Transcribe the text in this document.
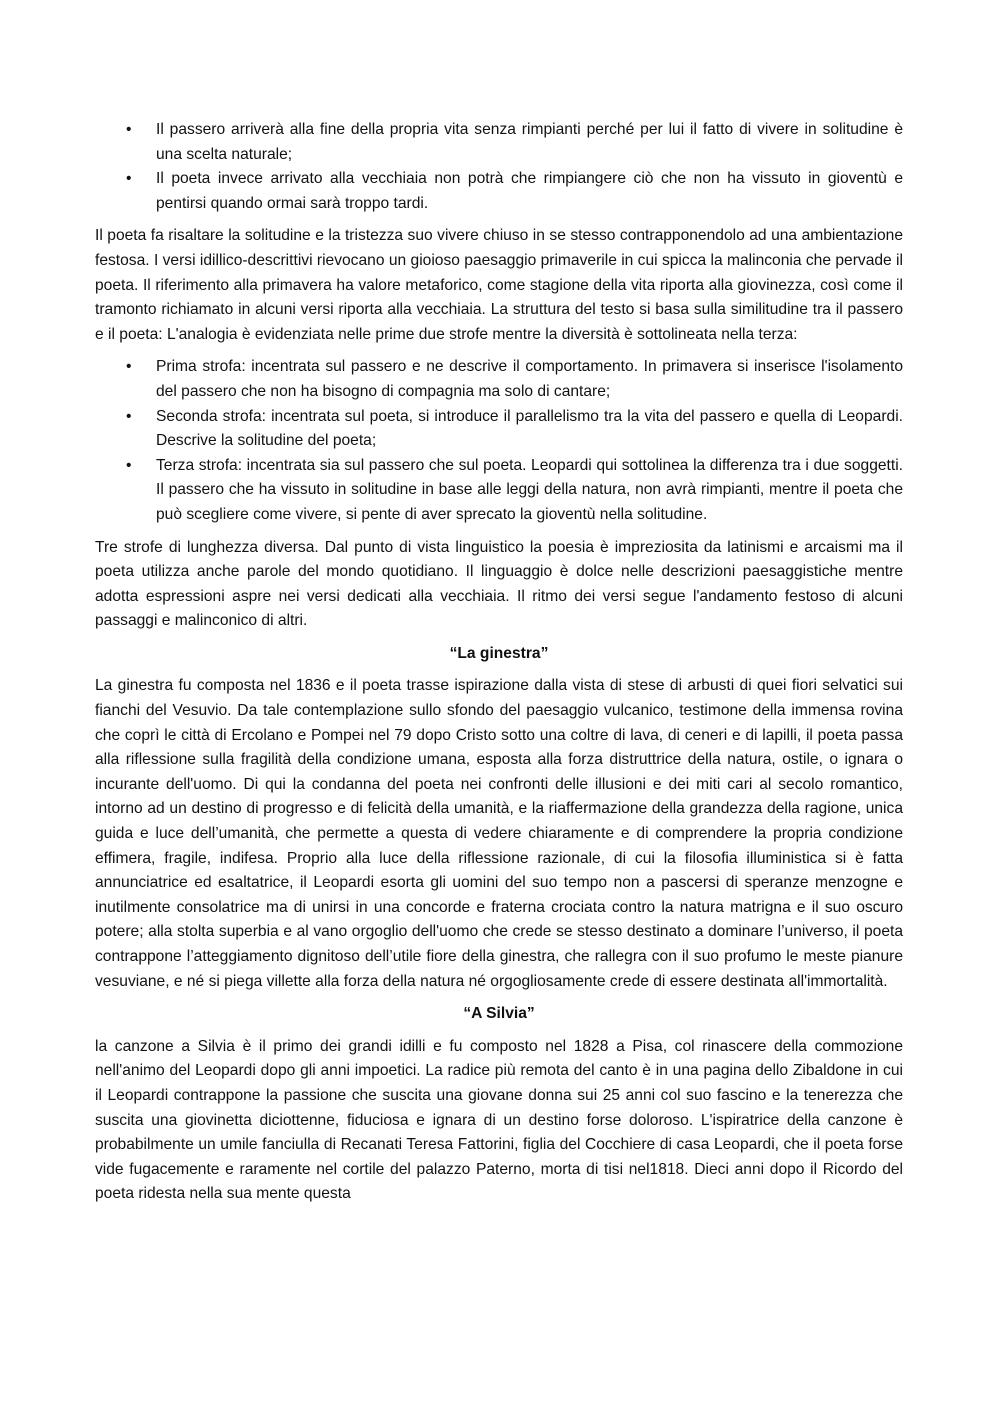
• Il passero arriverà alla fine della propria vita senza rimpianti perché per lui il fatto di vivere in solitudine è una scelta naturale;
• Il poeta invece arrivato alla vecchiaia non potrà che rimpiangere ciò che non ha vissuto in gioventù e pentirsi quando ormai sarà troppo tardi.

Il poeta fa risaltare la solitudine e la tristezza suo vivere chiuso in se stesso contrapponendolo ad una ambientazione festosa. I versi idillico-descrittivi rievocano un gioioso paesaggio primaverile in cui spicca la malinconia che pervade il poeta. Il riferimento alla primavera ha valore metaforico, come stagione della vita riporta alla giovinezza, così come il tramonto richiamato in alcuni versi riporta alla vecchiaia. La struttura del testo si basa sulla similitudine tra il passero e il poeta: L'analogia è evidenziata nelle prime due strofe mentre la diversità è sottolineata nella terza:

• Prima strofa: incentrata sul passero e ne descrive il comportamento. In primavera si inserisce l'isolamento del passero che non ha bisogno di compagnia ma solo di cantare;
• Seconda strofa: incentrata sul poeta, si introduce il parallelismo tra la vita del passero e quella di Leopardi. Descrive la solitudine del poeta;
• Terza strofa: incentrata sia sul passero che sul poeta. Leopardi qui sottolinea la differenza tra i due soggetti. Il passero che ha vissuto in solitudine in base alle leggi della natura, non avrà rimpianti, mentre il poeta che può scegliere come vivere, si pente di aver sprecato la gioventù nella solitudine.

Tre strofe di lunghezza diversa. Dal punto di vista linguistico la poesia è impreziosita da latinismi e arcaismi ma il poeta utilizza anche parole del mondo quotidiano. Il linguaggio è dolce nelle descrizioni paesaggistiche mentre adotta espressioni aspre nei versi dedicati alla vecchiaia. Il ritmo dei versi segue l'andamento festoso di alcuni passaggi e malinconico di altri.

“La ginestra”

La ginestra fu composta nel 1836 e il poeta trasse ispirazione dalla vista di stese di arbusti di quei fiori selvatici sui fianchi del Vesuvio. Da tale contemplazione sullo sfondo del paesaggio vulcanico, testimone della immensa rovina che coprì le città di Ercolano e Pompei nel 79 dopo Cristo sotto una coltre di lava, di ceneri e di lapilli, il poeta passa alla riflessione sulla fragilità della condizione umana, esposta alla forza distruttrice della natura, ostile, o ignara o incurante dell'uomo. Di qui la condanna del poeta nei confronti delle illusioni e dei miti cari al secolo romantico, intorno ad un destino di progresso e di felicità della umanità, e la riaffermazione della grandezza della ragione, unica guida e luce dell’umanità, che permette a questa di vedere chiaramente e di comprendere la propria condizione effimera, fragile, indifesa. Proprio alla luce della riflessione razionale, di cui la filosofia illuministica si è fatta annunciatrice ed esaltatrice, il Leopardi esorta gli uomini del suo tempo non a pascersi di speranze menzogne e inutilmente consolatrice ma di unirsi in una concorde e fraterna crociata contro la natura matrigna e il suo oscuro potere; alla stolta superbia e al vano orgoglio dell'uomo che crede se stesso destinato a dominare l’universo, il poeta contrappone l’atteggiamento dignitoso dell’utile fiore della ginestra, che rallegra con il suo profumo le meste pianure vesuviane, e né si piega villette alla forza della natura né orgogliosamente crede di essere destinata all'immortalità.

“A Silvia”

la canzone a Silvia è il primo dei grandi idilli e fu composto nel 1828 a Pisa, col rinascere della commozione nell'animo del Leopardi dopo gli anni impoetici. La radice più remota del canto è in una pagina dello Zibaldone in cui il Leopardi contrappone la passione che suscita una giovane donna sui 25 anni col suo fascino e la tenerezza che suscita una giovinetta diciottenne, fiduciosa e ignara di un destino forse doloroso. L'ispiratrice della canzone è probabilmente un umile fanciulla di Recanati Teresa Fattorini, figlia del Cocchiere di casa Leopardi, che il poeta forse vide fugacemente e raramente nel cortile del palazzo Paterno, morta di tisi nel1818. Dieci anni dopo il Ricordo del poeta ridesta nella sua mente questa
